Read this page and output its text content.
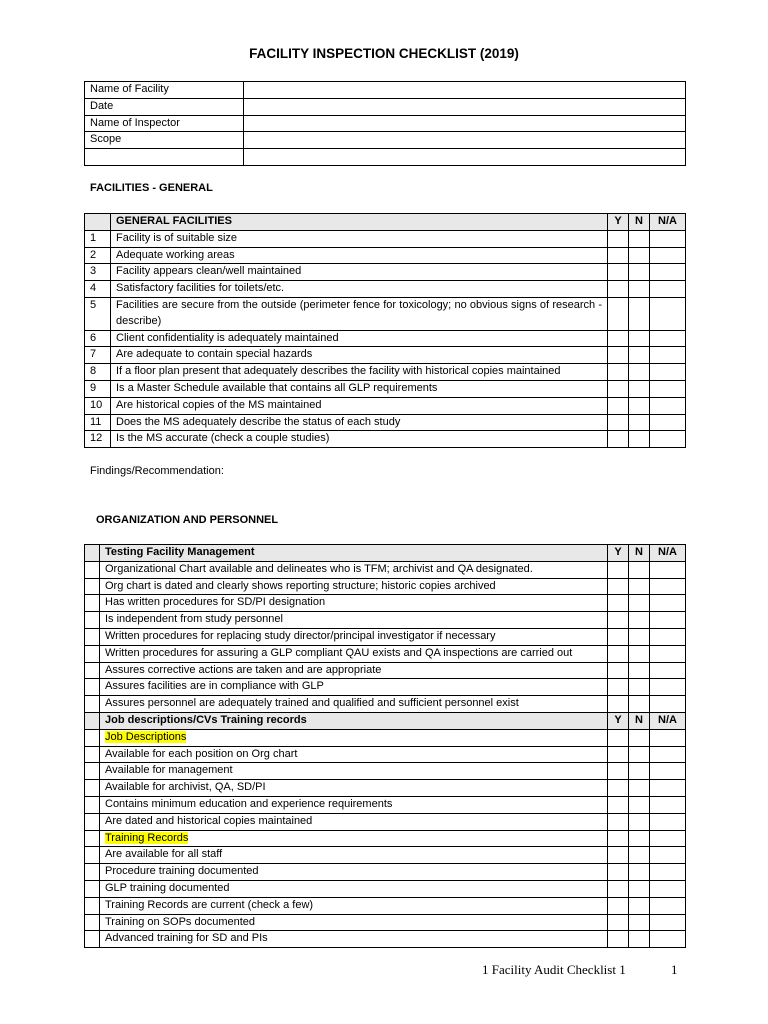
FACILITY INSPECTION CHECKLIST (2019)
Name of Facility	
Date	
Name of Inspector	
Scope	

FACILITIES - GENERAL
	GENERAL FACILITIES	Y	N	N/A
1	Facility is of suitable size			
2	Adequate working areas			
3	Facility appears clean/well maintained			
4	Satisfactory facilities for toilets/etc.			
5	Facilities are secure from the outside (perimeter fence for toxicology; no obvious signs of research -describe)			
6	Client confidentiality is adequately maintained			
7	Are adequate to contain special hazards			
8	If a floor plan present that adequately describes the facility with historical copies maintained			
9	Is a Master Schedule available that contains all GLP requirements			
10	Are historical copies of the MS maintained			
11	Does the MS adequately describe the status of each study			
12	Is the MS accurate (check a couple studies)			
Findings/Recommendation:
ORGANIZATION AND PERSONNEL
	Testing Facility Management	Y	N	N/A
	Organizational Chart available and delineates who is TFM; archivist and QA designated.			
	Org chart is dated and clearly shows reporting structure; historic copies archived			
	Has written procedures for SD/PI designation			
	Is independent from study personnel			
	Written procedures for replacing study director/principal investigator if necessary			
	Written procedures for assuring a GLP compliant QAU exists and QA inspections are carried out			
	Assures corrective actions are taken and are appropriate			
	Assures facilities are in compliance with GLP			
	Assures personnel are adequately trained and qualified and sufficient personnel exist			
	Job descriptions/CVs Training records	Y	N	N/A
	Job Descriptions			
	Available for each position on Org chart			
	Available for management			
	Available for archivist, QA, SD/PI			
	Contains minimum education and experience requirements			
	Are dated and historical copies maintained			
	Training Records			
	Are available for all staff			
	Procedure training documented			
	GLP training documented			
	Training Records are current (check a few)			
	Training on SOPs documented			
	Advanced training for SD and PIs			
1 Facility Audit Checklist 1	1
